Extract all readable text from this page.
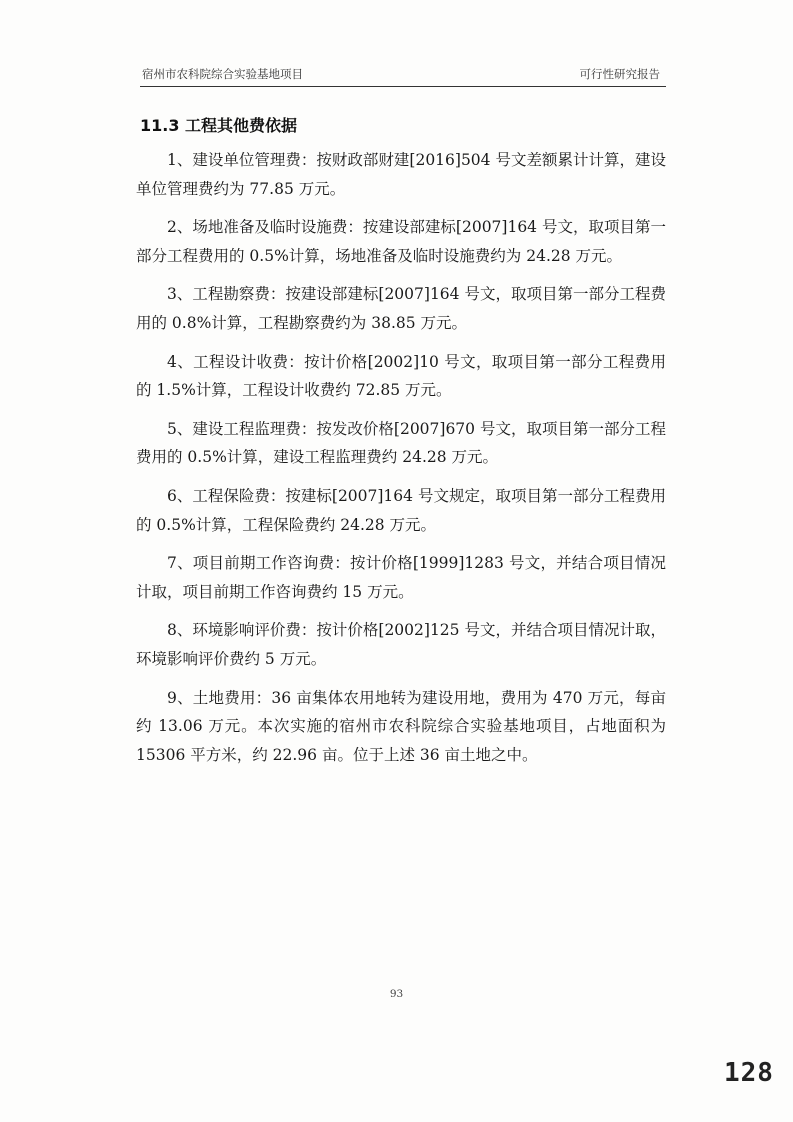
宿州市农科院综合实验基地项目	可行性研究报告
11.3 工程其他费依据

1、建设单位管理费：按财政部财建[2016]504 号文差额累计计算，建设单位管理费约为 77.85 万元。

2、场地准备及临时设施费：按建设部建标[2007]164 号文，取项目第一部分工程费用的 0.5%计算，场地准备及临时设施费约为 24.28 万元。

3、工程勘察费：按建设部建标[2007]164 号文，取项目第一部分工程费用的 0.8%计算，工程勘察费约为 38.85 万元。

4、工程设计收费：按计价格[2002]10 号文，取项目第一部分工程费用的 1.5%计算，工程设计收费约 72.85 万元。

5、建设工程监理费：按发改价格[2007]670 号文，取项目第一部分工程费用的 0.5%计算，建设工程监理费约 24.28 万元。

6、工程保险费：按建标[2007]164 号文规定，取项目第一部分工程费用的 0.5%计算，工程保险费约 24.28 万元。

7、项目前期工作咨询费：按计价格[1999]1283 号文，并结合项目情况计取，项目前期工作咨询费约 15 万元。

8、环境影响评价费：按计价格[2002]125 号文，并结合项目情况计取，环境影响评价费约 5 万元。

9、土地费用：36 亩集体农用地转为建设用地，费用为 470 万元，每亩约 13.06 万元。本次实施的宿州市农科院综合实验基地项目，占地面积为 15306 平方米，约 22.96 亩。位于上述 36 亩土地之中。

93
128
